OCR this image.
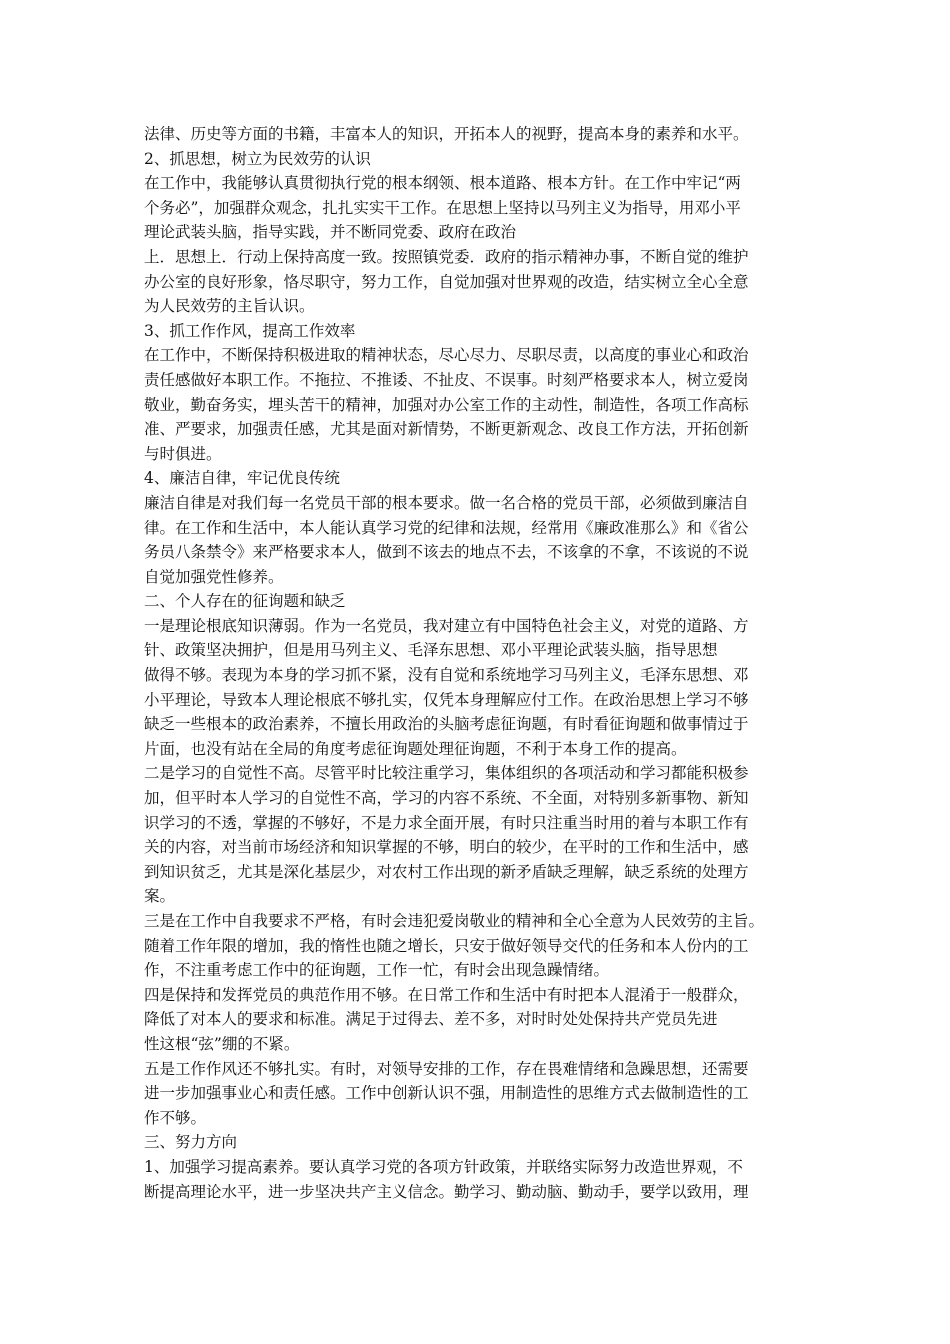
法律、历史等方面的书籍，丰富本人的知识，开拓本人的视野，提高本身的素养和水平。
2、抓思想，树立为民效劳的认识
在工作中，我能够认真贯彻执行党的根本纲领、根本道路、根本方针。在工作中牢记“两
个务必”，加强群众观念，扎扎实实干工作。在思想上坚持以马列主义为指导，用邓小平
理论武装头脑，指导实践，并不断同党委、政府在政治
上．思想上．行动上保持高度一致。按照镇党委．政府的指示精神办事，不断自觉的维护
办公室的良好形象，恪尽职守，努力工作，自觉加强对世界观的改造，结实树立全心全意
为人民效劳的主旨认识。
3、抓工作作风，提高工作效率
在工作中，不断保持积极进取的精神状态，尽心尽力、尽职尽责，以高度的事业心和政治
责任感做好本职工作。不拖拉、不推诿、不扯皮、不误事。时刻严格要求本人，树立爱岗
敬业，勤奋务实，埋头苦干的精神，加强对办公室工作的主动性，制造性，各项工作高标
准、严要求，加强责任感，尤其是面对新情势，不断更新观念、改良工作方法，开拓创新
与时俱进。
4、廉洁自律，牢记优良传统
廉洁自律是对我们每一名党员干部的根本要求。做一名合格的党员干部，必须做到廉洁自
律。在工作和生活中，本人能认真学习党的纪律和法规，经常用《廉政准那么》和《省公
务员八条禁令》来严格要求本人，做到不该去的地点不去，不该拿的不拿，不该说的不说
自觉加强党性修养。
二、个人存在的征询题和缺乏
一是理论根底知识薄弱。作为一名党员，我对建立有中国特色社会主义，对党的道路、方
针、政策坚决拥护，但是用马列主义、毛泽东思想、邓小平理论武装头脑，指导思想
做得不够。表现为本身的学习抓不紧，没有自觉和系统地学习马列主义，毛泽东思想、邓
小平理论，导致本人理论根底不够扎实，仅凭本身理解应付工作。在政治思想上学习不够
缺乏一些根本的政治素养，不擅长用政治的头脑考虑征询题，有时看征询题和做事情过于
片面，也没有站在全局的角度考虑征询题处理征询题，不利于本身工作的提高。
二是学习的自觉性不高。尽管平时比较注重学习，集体组织的各项活动和学习都能积极参
加，但平时本人学习的自觉性不高，学习的内容不系统、不全面，对特别多新事物、新知
识学习的不透，掌握的不够好，不是力求全面开展，有时只注重当时用的着与本职工作有
关的内容，对当前市场经济和知识掌握的不够，明白的较少，在平时的工作和生活中，感
到知识贫乏，尤其是深化基层少，对农村工作出现的新矛盾缺乏理解，缺乏系统的处理方
案。
三是在工作中自我要求不严格，有时会违犯爱岗敬业的精神和全心全意为人民效劳的主旨。
随着工作年限的增加，我的惰性也随之增长，只安于做好领导交代的任务和本人份内的工
作，不注重考虑工作中的征询题，工作一忙，有时会出现急躁情绪。
四是保持和发挥党员的典范作用不够。在日常工作和生活中有时把本人混淆于一般群众，
降低了对本人的要求和标准。满足于过得去、差不多，对时时处处保持共产党员先进
性这根“弦”绷的不紧。
五是工作作风还不够扎实。有时，对领导安排的工作，存在畏难情绪和急躁思想，还需要
进一步加强事业心和责任感。工作中创新认识不强，用制造性的思维方式去做制造性的工
作不够。
三、努力方向
1、加强学习提高素养。要认真学习党的各项方针政策，并联络实际努力改造世界观，不
断提高理论水平，进一步坚决共产主义信念。勤学习、勤动脑、勤动手，要学以致用，理
